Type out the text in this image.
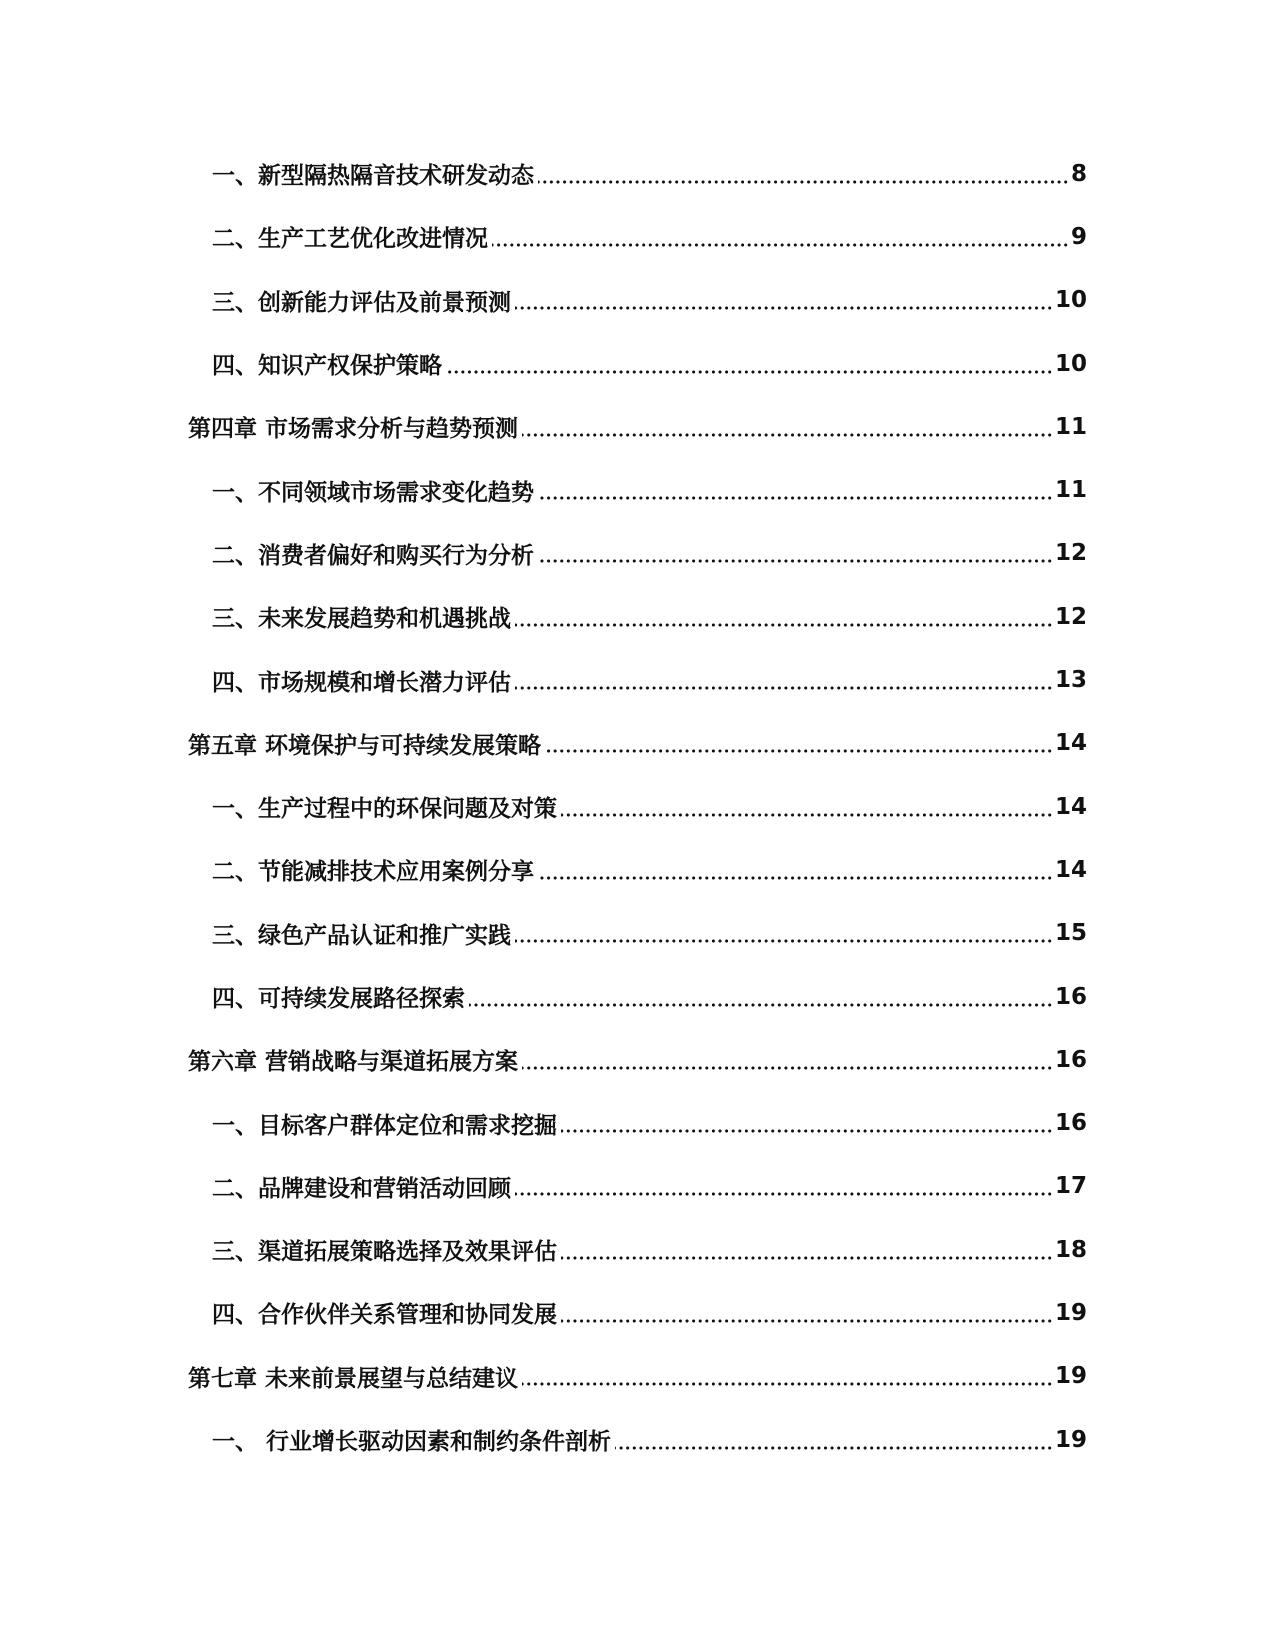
一、新型隔热隔音技术研发动态	8
二、生产工艺优化改进情况	9
三、创新能力评估及前景预测	10
四、知识产权保护策略	10
第四章 市场需求分析与趋势预测	11
一、不同领域市场需求变化趋势	11
二、消费者偏好和购买行为分析	12
三、未来发展趋势和机遇挑战	12
四、市场规模和增长潜力评估	13
第五章 环境保护与可持续发展策略	14
一、生产过程中的环保问题及对策	14
二、节能减排技术应用案例分享	14
三、绿色产品认证和推广实践	15
四、可持续发展路径探索	16
第六章 营销战略与渠道拓展方案	16
一、目标客户群体定位和需求挖掘	16
二、品牌建设和营销活动回顾	17
三、渠道拓展策略选择及效果评估	18
四、合作伙伴关系管理和协同发展	19
第七章 未来前景展望与总结建议	19
一、 行业增长驱动因素和制约条件剖析	19
